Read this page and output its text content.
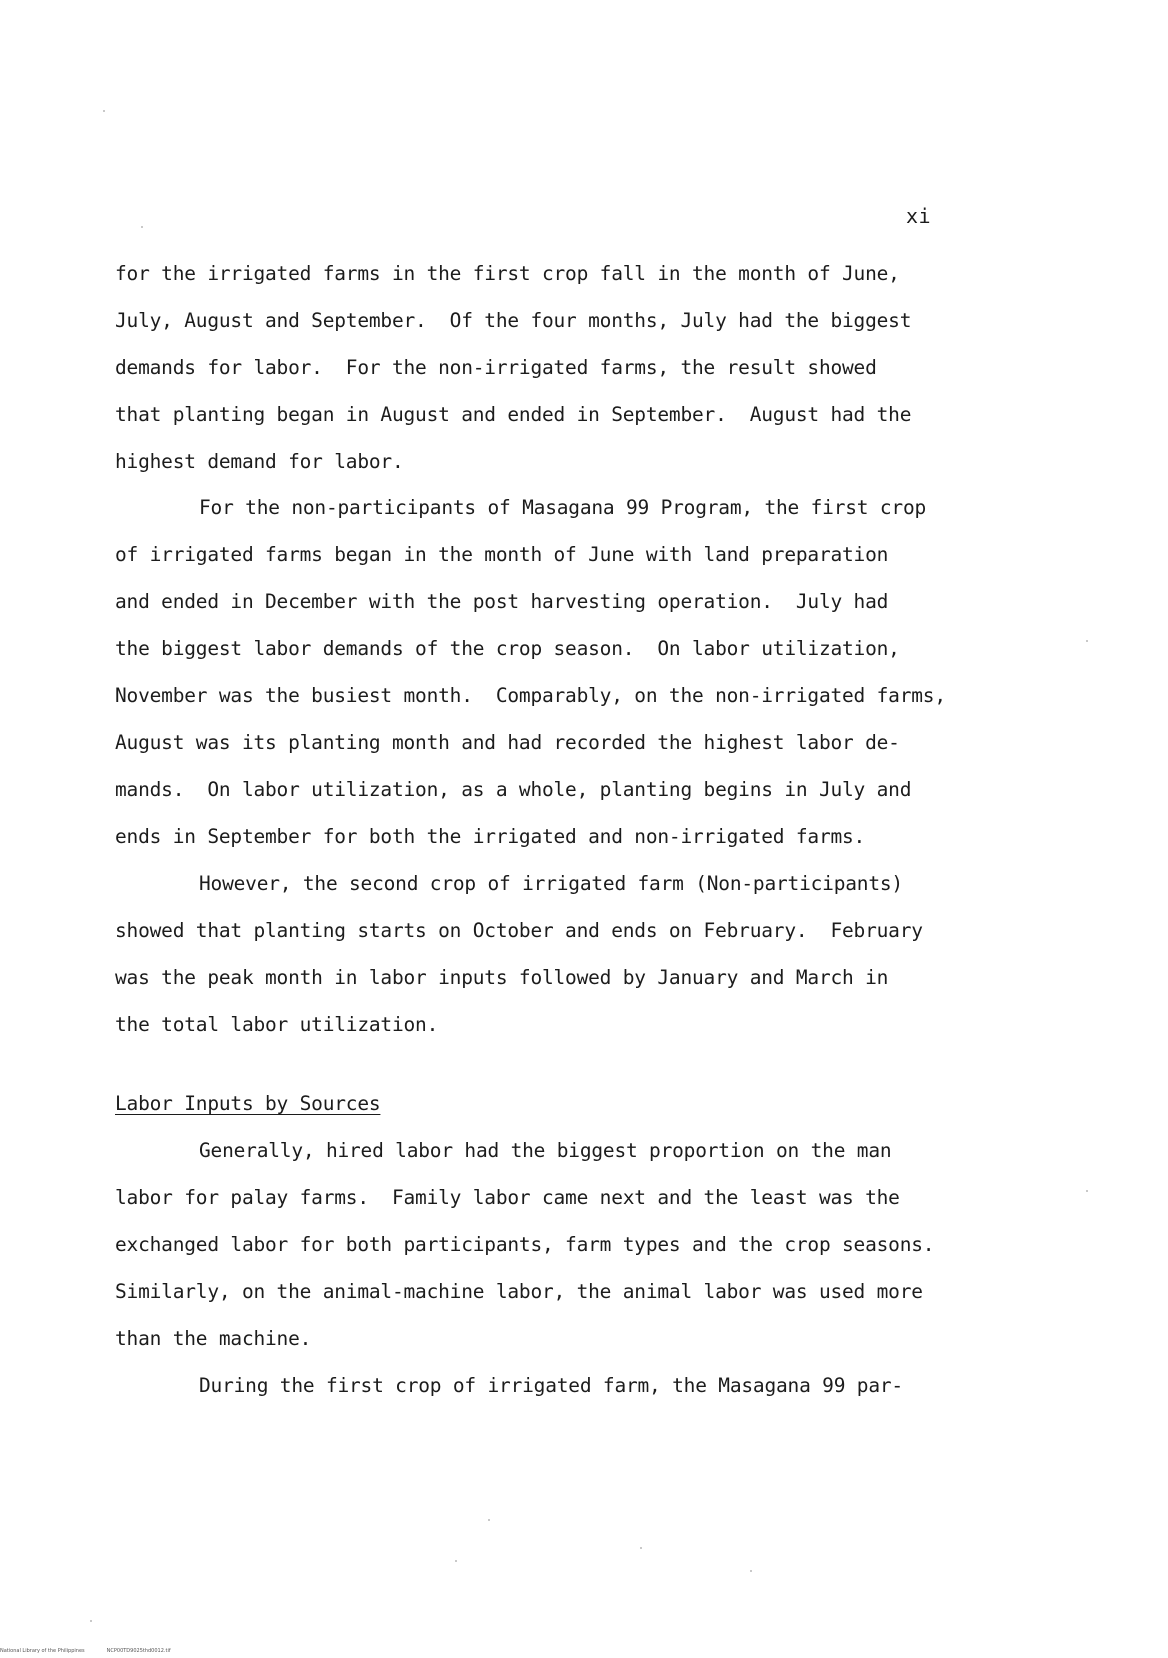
xi
for the irrigated farms in the first crop fall in the month of June,
July, August and September.  Of the four months, July had the biggest
demands for labor.  For the non-irrigated farms, the result showed
that planting began in August and ended in September.  August had the
highest demand for labor.
For the non-participants of Masagana 99 Program, the first crop
of irrigated farms began in the month of June with land preparation
and ended in December with the post harvesting operation.  July had
the biggest labor demands of the crop season.  On labor utilization,
November was the busiest month.  Comparably, on the non-irrigated farms,
August was its planting month and had recorded the highest labor de-
mands.  On labor utilization, as a whole, planting begins in July and
ends in September for both the irrigated and non-irrigated farms.
However, the second crop of irrigated farm (Non-participants)
showed that planting starts on October and ends on February.  February
was the peak month in labor inputs followed by January and March in
the total labor utilization.
Labor Inputs by Sources
Generally, hired labor had the biggest proportion on the man
labor for palay farms.  Family labor came next and the least was the
exchanged labor for both participants, farm types and the crop seasons.
Similarly, on the animal-machine labor, the animal labor was used more
than the machine.
During the first crop of irrigated farm, the Masagana 99 par-
National Library of the Philippines	NCP00TD9025thd0012.tif
